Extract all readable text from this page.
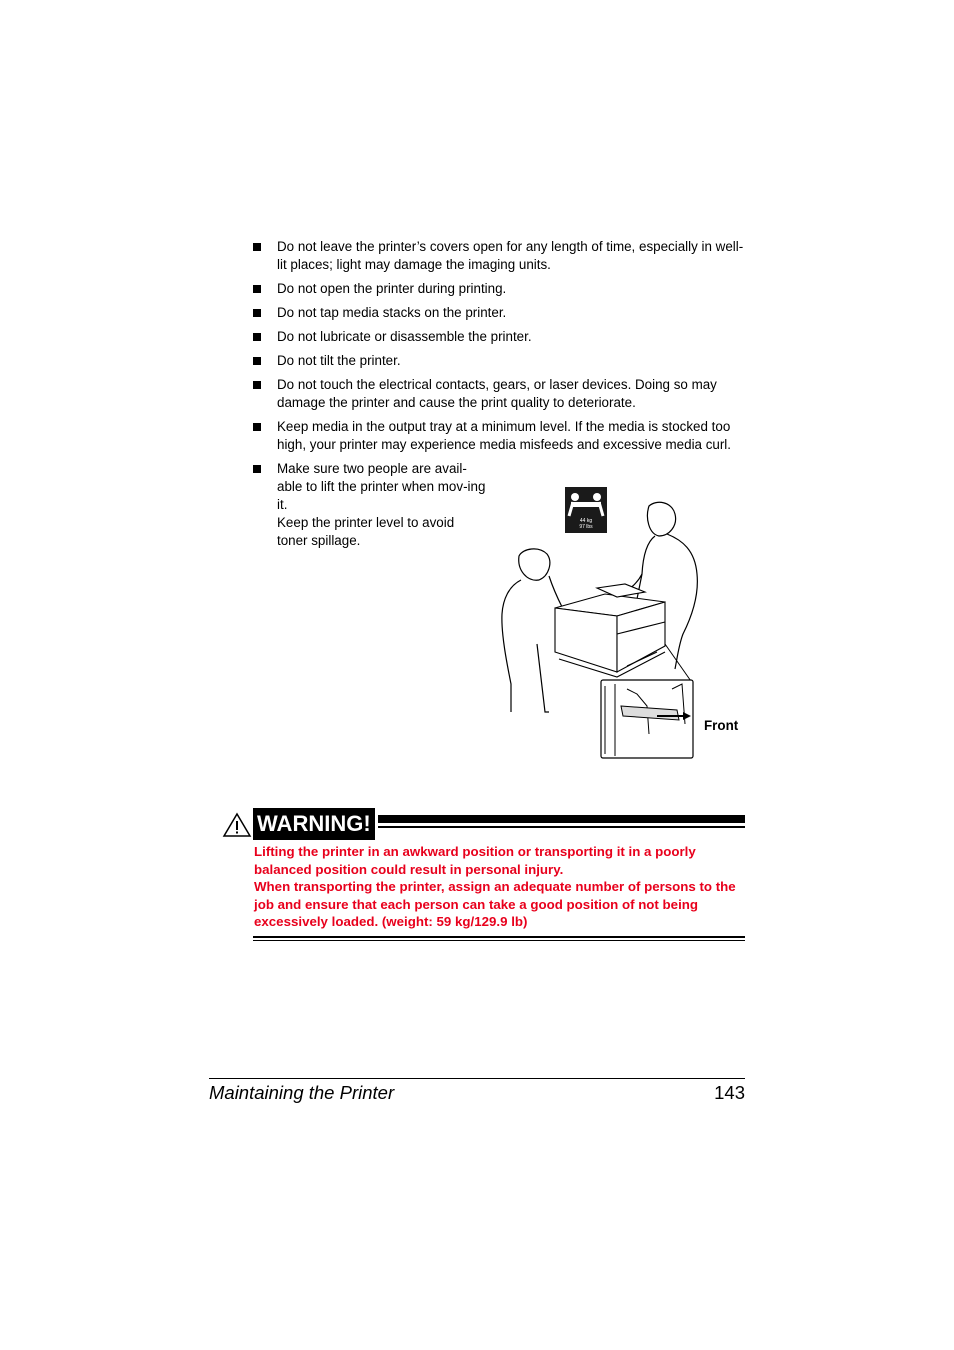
Do not leave the printer’s covers open for any length of time, especially in well-lit places; light may damage the imaging units.
Do not open the printer during printing.
Do not tap media stacks on the printer.
Do not lubricate or disassemble the printer.
Do not tilt the printer.
Do not touch the electrical contacts, gears, or laser devices. Doing so may damage the printer and cause the print quality to deteriorate.
Keep media in the output tray at a minimum level. If the media is stocked too high, your printer may experience media misfeeds and excessive media curl.
Make sure two people are avail-able to lift the printer when mov-ing it.
Keep the printer level to avoid toner spillage.
44 kg
97 lbs
Front
WARNING!

Lifting the printer in an awkward position or transporting it in a poorly balanced position could result in personal injury.

When transporting the printer, assign an adequate number of persons to the job and ensure that each person can take a good position of not being excessively loaded. (weight: 59 kg/129.9 lb)

Maintaining the Printer	143
